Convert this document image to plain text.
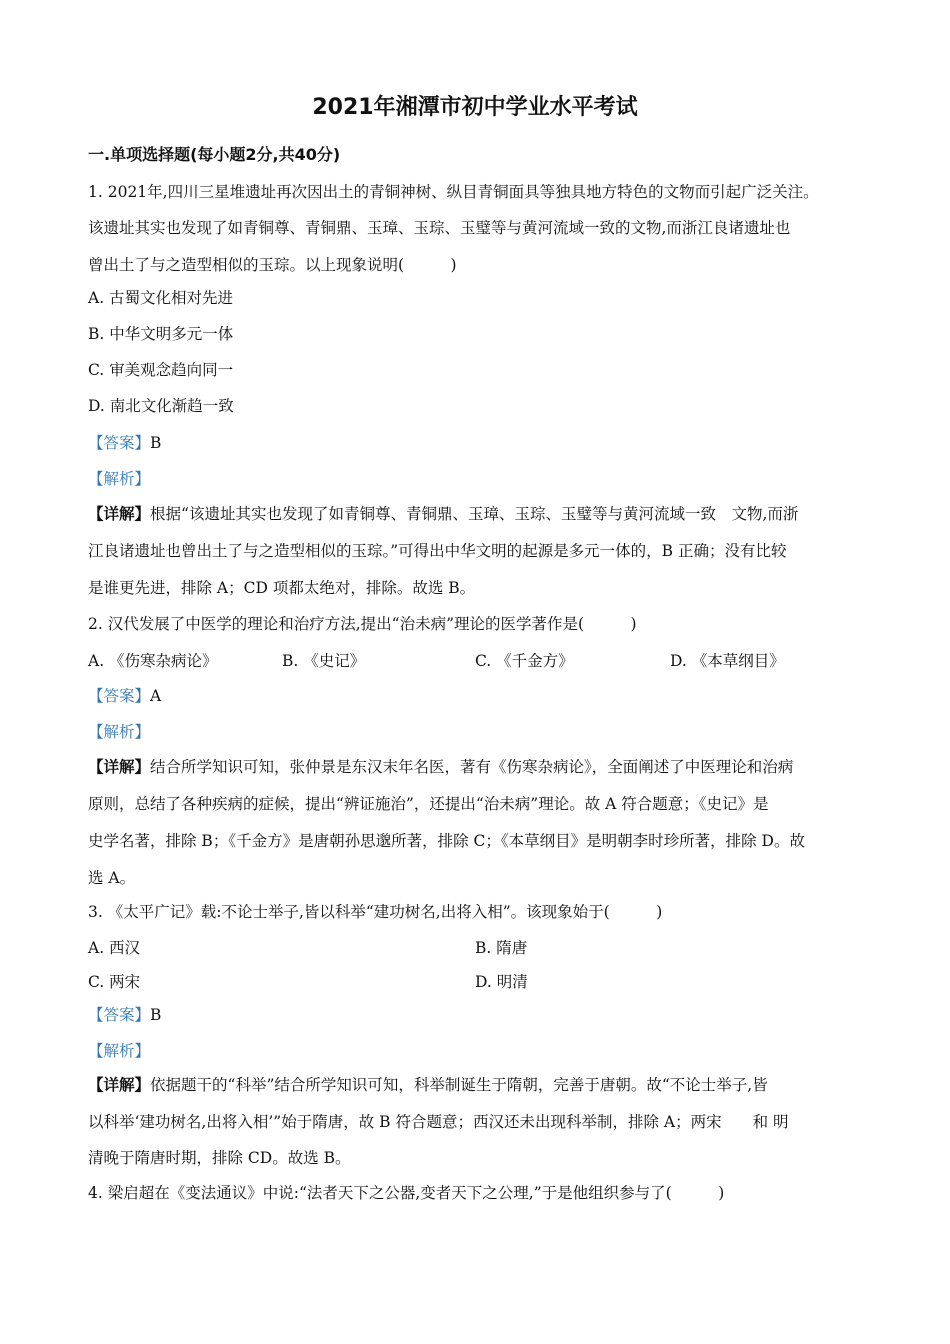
2021年湘潭市初中学业水平考试
一.单项选择题(每小题2分,共40分)
1. 2021年,四川三星堆遗址再次因出土的青铜神树、纵目青铜面具等独具地方特色的文物而引起广泛关注。
该遗址其实也发现了如青铜尊、青铜鼎、玉璋、玉琮、玉璧等与黄河流域一致的文物,而浙江良诸遗址也
曾出土了与之造型相似的玉琮。以上现象说明(　　　)
A. 古蜀文化相对先进
B. 中华文明多元一体
C. 审美观念趋向同一
D. 南北文化渐趋一致
【答案】B
【解析】
【详解】根据“该遗址其实也发现了如青铜尊、青铜鼎、玉璋、玉琮、玉璧等与黄河流域一致　文物,而浙
江良诸遗址也曾出土了与之造型相似的玉琮。”可得出中华文明的起源是多元一体的，B 正确；没有比较
是谁更先进，排除 A；CD 项都太绝对，排除。故选 B。
2. 汉代发展了中医学的理论和治疗方法,提出“治未病”理论的医学著作是(　　　)
A. 《伤寒杂病论》	B. 《史记》	C. 《千金方》	D. 《本草纲目》
【答案】A
【解析】
【详解】结合所学知识可知，张仲景是东汉末年名医，著有《伤寒杂病论》，全面阐述了中医理论和治病
原则，总结了各种疾病的症候，提出“辨证施治”，还提出“治未病”理论。故 A 符合题意；《史记》是
史学名著，排除 B；《千金方》是唐朝孙思邈所著，排除 C；《本草纲目》是明朝李时珍所著，排除 D。故
选 A。
3. 《太平广记》载:不论士举子,皆以科举“建功树名,出将入相”。该现象始于(　　　)
A. 西汉	B. 隋唐
C. 两宋	D. 明清
【答案】B
【解析】
【详解】依据题干的“科举”结合所学知识可知，科举制诞生于隋朝，完善于唐朝。故“不论士举子,皆
以科举‘建功树名,出将入相’”始于隋唐，故 B 符合题意；西汉还未出现科举制，排除 A；两宋　　和 明
清晚于隋唐时期，排除 CD。故选 B。
4. 梁启超在《变法通议》中说:“法者天下之公器,变者天下之公理,”于是他组织参与了(　　　)
